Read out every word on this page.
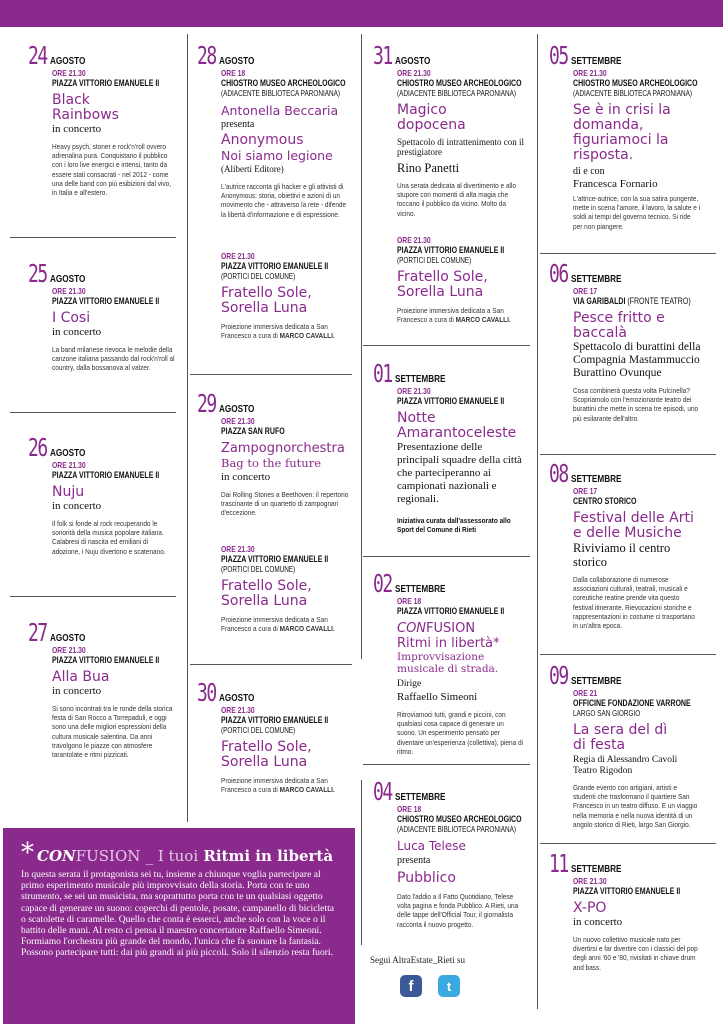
24 AGOSTO
ORE 21.30
PIAZZA VITTORIO EMANUELE II
Black Rainbows
in concerto
Heavy psych, stoner e rock'n'roll ovvero adrenalina pura. Conquistano il pubblico con i loro live energici e intensi, tanto da essere stati consacrati - nel 2012 - come una delle band con più esibizioni dal vivo, in Italia e all'estero.
25 AGOSTO
ORE 21.30
PIAZZA VITTORIO EMANUELE II
I Cosi
in concerto
La band milanese rievoca le melodie della canzone italiana passando dal rock'n'roll al country, dalla bossanova al valzer.
26 AGOSTO
ORE 21.30
PIAZZA VITTORIO EMANUELE II
Nuju
in concerto
Il folk si fonde al rock recuperando le sonorità della musica popolare italiana. Calabresi di nascita ed emiliani di adozione, i Nuju divertono e scatenano.
27 AGOSTO
ORE 21.30
PIAZZA VITTORIO EMANUELE II
Alla Bua
in concerto
Si sono incontrati tra le ronde della storica festa di San Rocco a Torrepaduli, e oggi sono una delle migliori espressioni della cultura musicale salentina. Da anni travolgono le piazze con atmosfere tarantolate e ritmi pizzicati.
28 AGOSTO
ORE 18
CHIOSTRO MUSEO ARCHEOLOGICO
(ADIACENTE BIBLIOTECA PARONIANA)
Antonella Beccaria
presenta
Anonymous
Noi siamo legione
(Aliberti Editore)
L'autrice racconta gli hacker e gli attivisti di Anonymous: storia, obiettivi e azioni di un movimento che - attraverso la rete - difende la libertà d'informazione e di espressione.
ORE 21.30
PIAZZA VITTORIO EMANUELE II
(PORTICI DEL COMUNE)
Fratello Sole, Sorella Luna
Proiezione immersiva dedicata a San Francesco a cura di MARCO CAVALLI.
29 AGOSTO
ORE 21.30
PIAZZA SAN RUFO
Zampognorchestra
Bag to the future
in concerto
Dai Rolling Stones a Beethoven: il repertorio trascinante di un quartetto di zampognari d'eccezione.
ORE 21.30
PIAZZA VITTORIO EMANUELE II
(PORTICI DEL COMUNE)
Fratello Sole, Sorella Luna
Proiezione immersiva dedicata a San Francesco a cura di MARCO CAVALLI.
30 AGOSTO
ORE 21.30
PIAZZA VITTORIO EMANUELE II
(PORTICI DEL COMUNE)
Fratello Sole, Sorella Luna
Proiezione immersiva dedicata a San Francesco a cura di MARCO CAVALLI.
31 AGOSTO
ORE 21.30
CHIOSTRO MUSEO ARCHEOLOGICO
(ADIACENTE BIBLIOTECA PARONIANA)
Magico dopocena
Spettacolo di intrattenimento con il prestigiatore
Rino Panetti
Una serata dedicata al divertimento e allo stupore con momenti di alta magia che toccano il pubblico da vicino. Molto da vicino.
ORE 21.30
PIAZZA VITTORIO EMANUELE II
(PORTICI DEL COMUNE)
Fratello Sole, Sorella Luna
Proiezione immersiva dedicata a San Francesco a cura di MARCO CAVALLI.
01 SETTEMBRE
ORE 21.30
PIAZZA VITTORIO EMANUELE II
Notte Amarantoceleste
Presentazione delle principali squadre della città che parteciperanno ai campionati nazionali e regionali.
Iniziativa curata dall'assessorato allo Sport del Comune di Rieti
02 SETTEMBRE
ORE 18
PIAZZA VITTORIO EMANUELE II
CONFUSION
Ritmi in libertà*
Improvvisazione musicale di strada.
Dirige
Raffaello Simeoni
Ritroviamoci tutti, grandi e piccini, con qualsiasi cosa capace di generare un suono. Un esperimento pensato per diventare un'esperienza (collettiva), piena di ritmo.
04 SETTEMBRE
ORE 18
CHIOSTRO MUSEO ARCHEOLOGICO
(ADIACENTE BIBLIOTECA PARONIANA)
Luca Telese
presenta
Pubblico
Dato l'addio a Il Fatto Quotidiano, Telese volta pagina e fonda Pubblico. A Rieti, una delle tappe dell'Official Tour, il giornalista racconta il nuovo progetto.
05 SETTEMBRE
ORE 21.30
CHIOSTRO MUSEO ARCHEOLOGICO
(ADIACENTE BIBLIOTECA PARONIANA)
Se è in crisi la domanda, figuriamoci la risposta.
di e con
Francesca Fornario
L'attrice-autrice, con la sua satira pungente, mette in scena l'amore, il lavoro, la salute e i soldi ai tempi del governo tecnico. Si ride per non piangere.
06 SETTEMBRE
ORE 17
VIA GARIBALDI (FRONTE TEATRO)
Pesce fritto e baccalà
Spettacolo di burattini della Compagnia Mastammuccio Burattino Ovunque
Cosa combinerà questa volta Pulcinella? Scopriamolo con l'emozionante teatro dei burattini che mette in scena tre episodi, uno più esilarante dell'altro.
08 SETTEMBRE
ORE 17
CENTRO STORICO
Festival delle Arti e delle Musiche
Riviviamo il centro storico
Dalla collaborazione di numerose associazioni culturali, teatrali, musicali e coreutiche reatine prende vita questo festival itinerante. Rievocazioni storiche e rappresentazioni in costume ci trasportano in un'altra epoca.
09 SETTEMBRE
ORE 21
OFFICINE FONDAZIONE VARRONE
LARGO SAN GIORGIO
La sera del dì di festa
Regia di Alessandro Cavoli Teatro Rigodon
Grande evento con artigiani, artisti e studenti che trasformano il quartiere San Francesco in un teatro diffuso. E un viaggio nella memoria e nella nuova identità di un angolo storico di Rieti, largo San Giorgio.
11 SETTEMBRE
ORE 21.30
PIAZZA VITTORIO EMANUELE II
X-PO
in concerto
Un nuovo collettivo musicale nato per divertirsi e far divertire con i classici del pop degli anni '60 e '80, rivisitati in chiave drum and bass.
* CONFUSION _ I tuoi Ritmi in libertà
In questa serata il protagonista sei tu, insieme a chiunque voglia partecipare al primo esperimento musicale più improvvisato della storia. Porta con te uno strumento, se sei un musicista, ma soprattutto porta con te un qualsiasi oggetto capace di generare un suono: coperchi di pentole, posate, campanello di bicicletta o scatolette di caramelle. Quello che conta è esserci, anche solo con la voce o il battito delle mani. Al resto ci pensa il maestro concertatore Raffaello Simeoni. Formiamo l'orchestra più grande del mondo, l'unica che fa suonare la fantasia. Possono partecipare tutti: dai più grandi ai più piccoli. Solo il silenzio resta fuori.
Segui AltraEstate_Rieti su
f	t
